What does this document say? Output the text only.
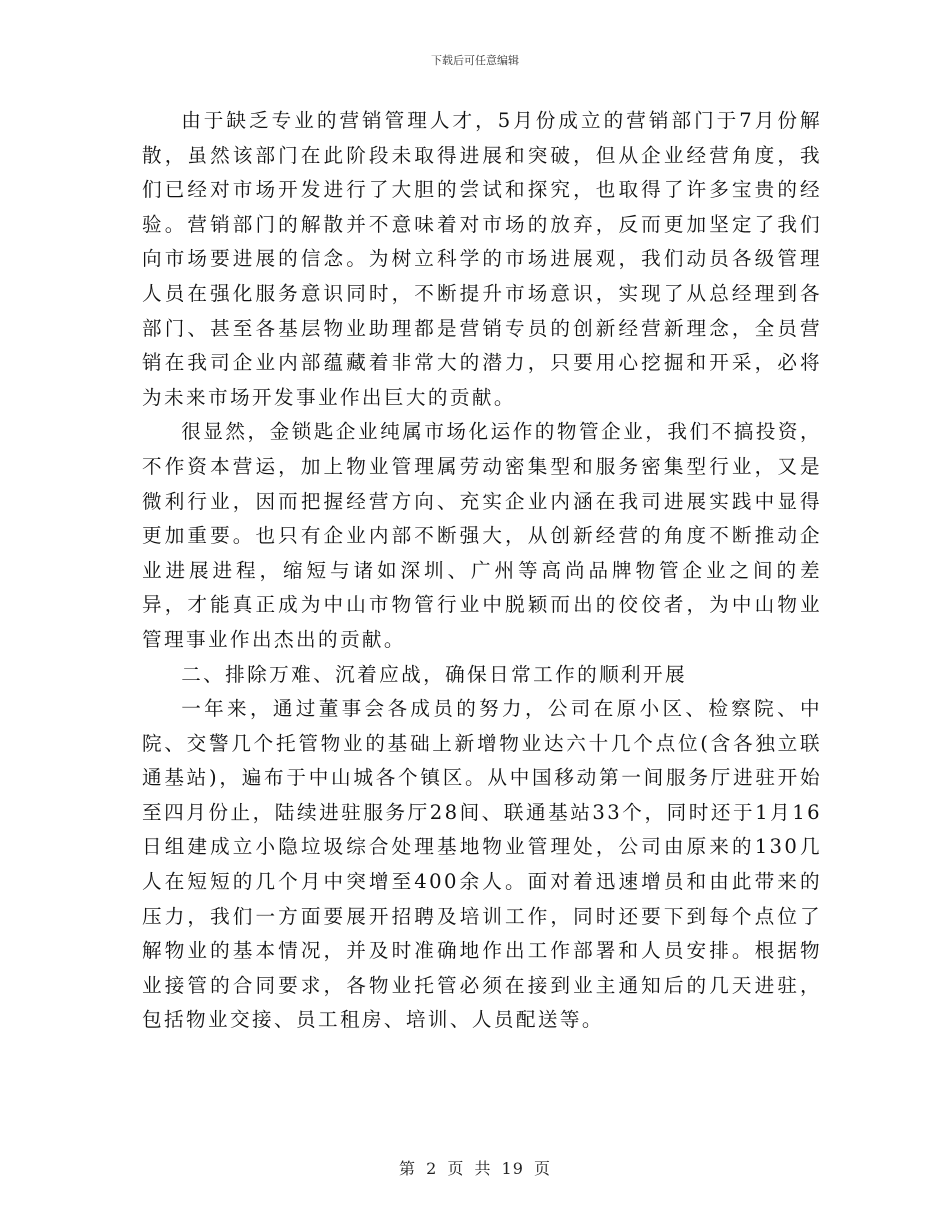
下载后可任意编辑

由于缺乏专业的营销管理人才，5月份成立的营销部门于7月份解散，虽然该部门在此阶段未取得进展和突破，但从企业经营角度，我们已经对市场开发进行了大胆的尝试和探究，也取得了许多宝贵的经验。营销部门的解散并不意味着对市场的放弃，反而更加坚定了我们向市场要进展的信念。为树立科学的市场进展观，我们动员各级管理人员在强化服务意识同时，不断提升市场意识，实现了从总经理到各部门、甚至各基层物业助理都是营销专员的创新经营新理念，全员营销在我司企业内部蕴藏着非常大的潜力，只要用心挖掘和开采，必将为未来市场开发事业作出巨大的贡献。

很显然，金锁匙企业纯属市场化运作的物管企业，我们不搞投资，不作资本营运，加上物业管理属劳动密集型和服务密集型行业，又是微利行业，因而把握经营方向、充实企业内涵在我司进展实践中显得更加重要。也只有企业内部不断强大，从创新经营的角度不断推动企业进展进程，缩短与诸如深圳、广州等高尚品牌物管企业之间的差异，才能真正成为中山市物管行业中脱颖而出的佼佼者，为中山物业管理事业作出杰出的贡献。

二、排除万难、沉着应战，确保日常工作的顺利开展

一年来，通过董事会各成员的努力，公司在原小区、检察院、中院、交警几个托管物业的基础上新增物业达六十几个点位(含各独立联通基站)，遍布于中山城各个镇区。从中国移动第一间服务厅进驻开始至四月份止，陆续进驻服务厅28间、联通基站33个，同时还于1月16日组建成立小隐垃圾综合处理基地物业管理处，公司由原来的130几人在短短的几个月中突增至400余人。面对着迅速增员和由此带来的压力，我们一方面要展开招聘及培训工作，同时还要下到每个点位了解物业的基本情况，并及时准确地作出工作部署和人员安排。根据物业接管的合同要求，各物业托管必须在接到业主通知后的几天进驻，包括物业交接、员工租房、培训、人员配送等。

第 2 页 共 19 页
